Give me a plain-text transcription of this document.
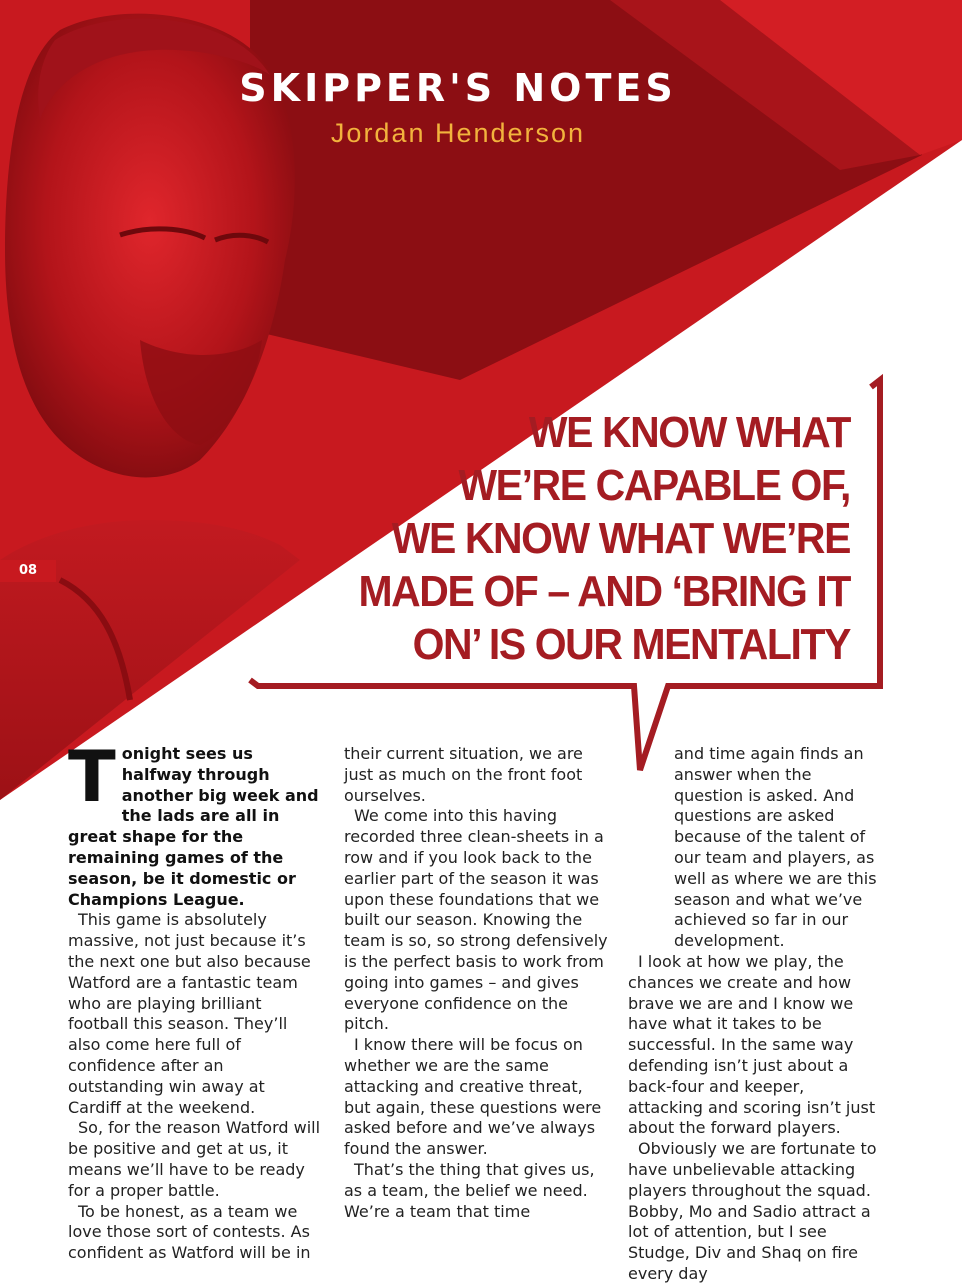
SKIPPER'S NOTES
Jordan Henderson
08
WE KNOW WHAT
WE’RE CAPABLE OF,
WE KNOW WHAT WE’RE
MADE OF – AND ‘BRING IT
ON’ IS OUR MENTALITY

Tonight sees us halfway through another big week and the lads are all in great shape for the remaining games of the season, be it domestic or Champions League.

This game is absolutely massive, not just because it’s the next one but also because Watford are a fantastic team who are playing brilliant football this season. They’ll also come here full of confidence after an outstanding win away at Cardiff at the weekend.

So, for the reason Watford will be positive and get at us, it means we’ll have to be ready for a proper battle.

To be honest, as a team we love those sort of contests. As confident as Watford will be in

their current situation, we are just as much on the front foot ourselves.

We come into this having recorded three clean-sheets in a row and if you look back to the earlier part of the season it was upon these foundations that we built our season. Knowing the team is so, so strong defensively is the perfect basis to work from going into games – and gives everyone confidence on the pitch.

I know there will be focus on whether we are the same attacking and creative threat, but again, these questions were asked before and we’ve always found the answer.

That’s the thing that gives us, as a team, the belief we need. We’re a team that time

and time again finds an answer when the question is asked. And questions are asked because of the talent of our team and players, as well as where we are this season and what we’ve achieved so far in our development.

I look at how we play, the chances we create and how brave we are and I know we have what it takes to be successful. In the same way defending isn’t just about a back-four and keeper, attacking and scoring isn’t just about the forward players.

Obviously we are fortunate to have unbelievable attacking players throughout the squad. Bobby, Mo and Sadio attract a lot of attention, but I see Studge, Div and Shaq on fire every day
